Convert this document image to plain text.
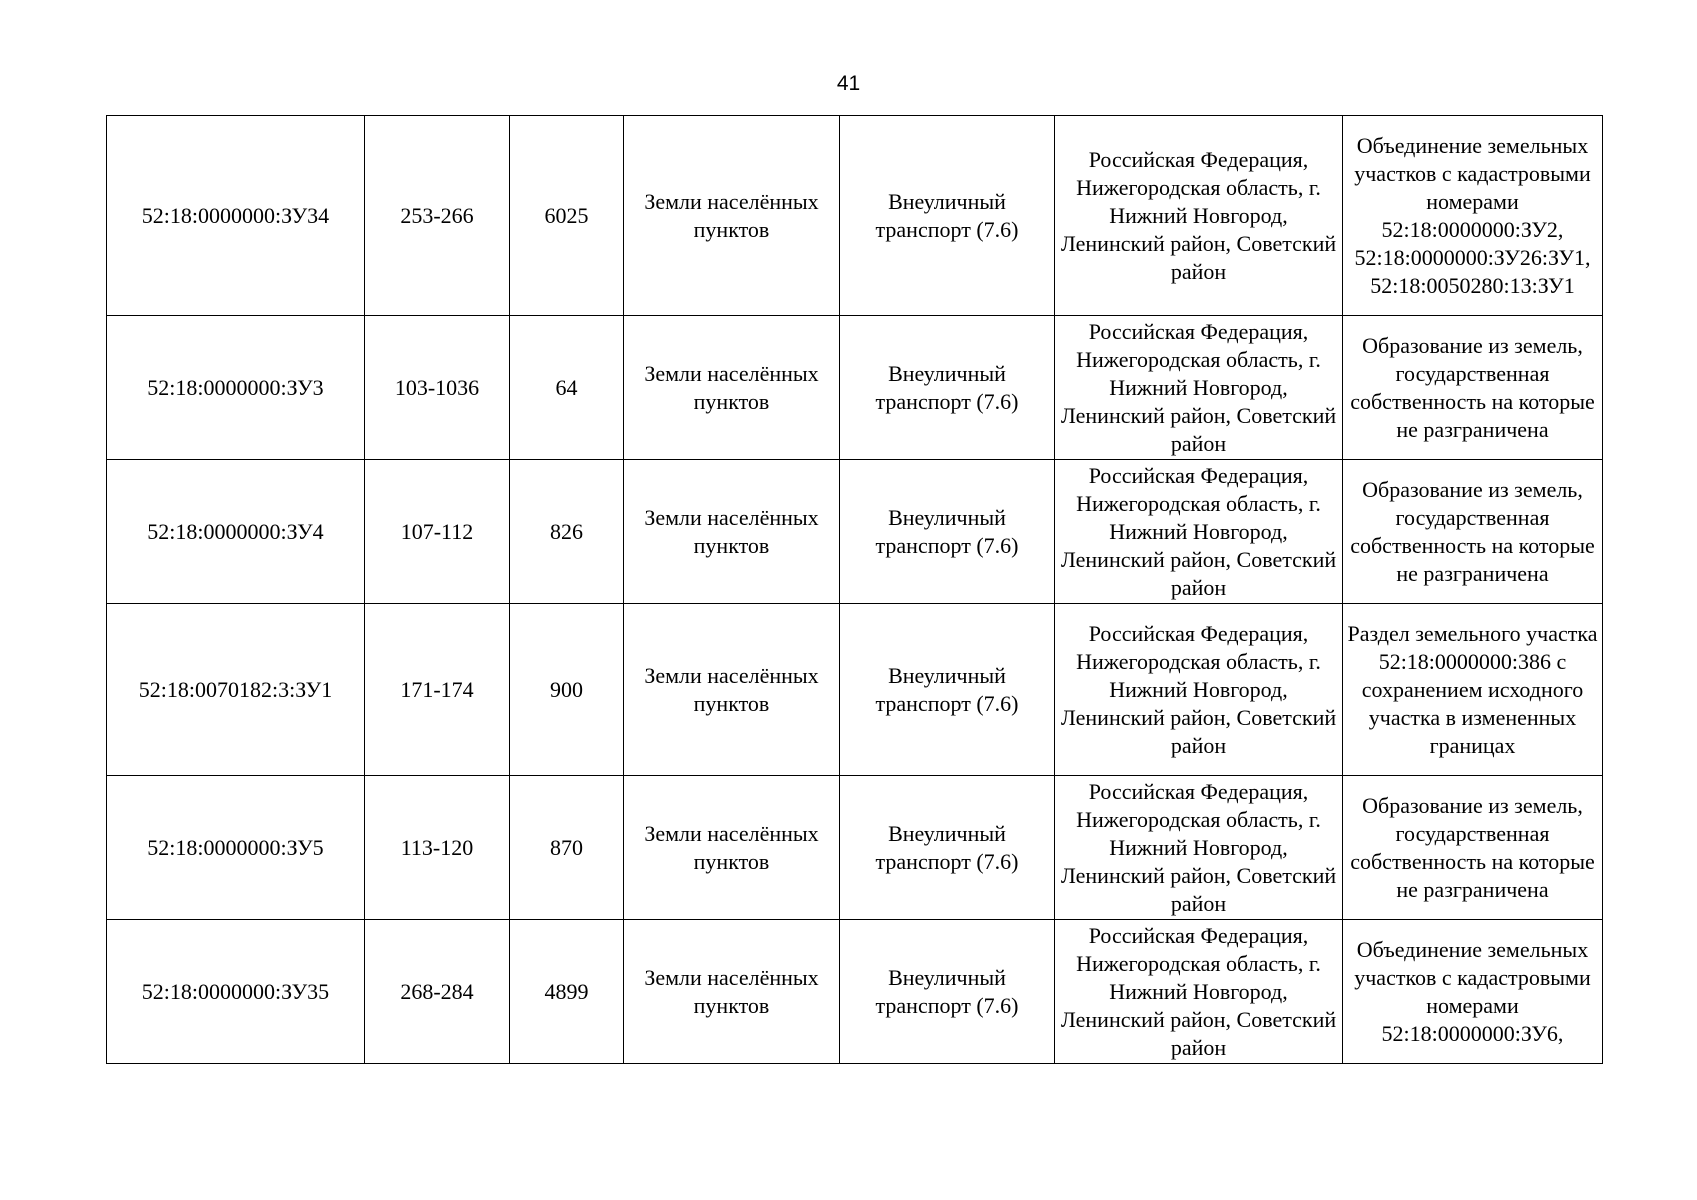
41
52:18:0000000:ЗУ34	253-266	6025	Земли населённых пунктов	Внеуличный транспорт (7.6)	Российская Федерация, Нижегородская область, г. Нижний Новгород, Ленинский район, Советский район	Объединение земельных участков с кадастровыми номерами 52:18:0000000:ЗУ2, 52:18:0000000:ЗУ26:ЗУ1, 52:18:0050280:13:ЗУ1
52:18:0000000:ЗУ3	103-1036	64	Земли населённых пунктов	Внеуличный транспорт (7.6)	Российская Федерация, Нижегородская область, г. Нижний Новгород, Ленинский район, Советский район	Образование из земель, государственная собственность на которые не разграничена
52:18:0000000:ЗУ4	107-112	826	Земли населённых пунктов	Внеуличный транспорт (7.6)	Российская Федерация, Нижегородская область, г. Нижний Новгород, Ленинский район, Советский район	Образование из земель, государственная собственность на которые не разграничена
52:18:0070182:3:ЗУ1	171-174	900	Земли населённых пунктов	Внеуличный транспорт (7.6)	Российская Федерация, Нижегородская область, г. Нижний Новгород, Ленинский район, Советский район	Раздел земельного участка 52:18:0000000:386 с сохранением исходного участка в измененных границах
52:18:0000000:ЗУ5	113-120	870	Земли населённых пунктов	Внеуличный транспорт (7.6)	Российская Федерация, Нижегородская область, г. Нижний Новгород, Ленинский район, Советский район	Образование из земель, государственная собственность на которые не разграничена
52:18:0000000:ЗУ35	268-284	4899	Земли населённых пунктов	Внеуличный транспорт (7.6)	Российская Федерация, Нижегородская область, г. Нижний Новгород, Ленинский район, Советский район	Объединение земельных участков с кадастровыми номерами 52:18:0000000:ЗУ6,
